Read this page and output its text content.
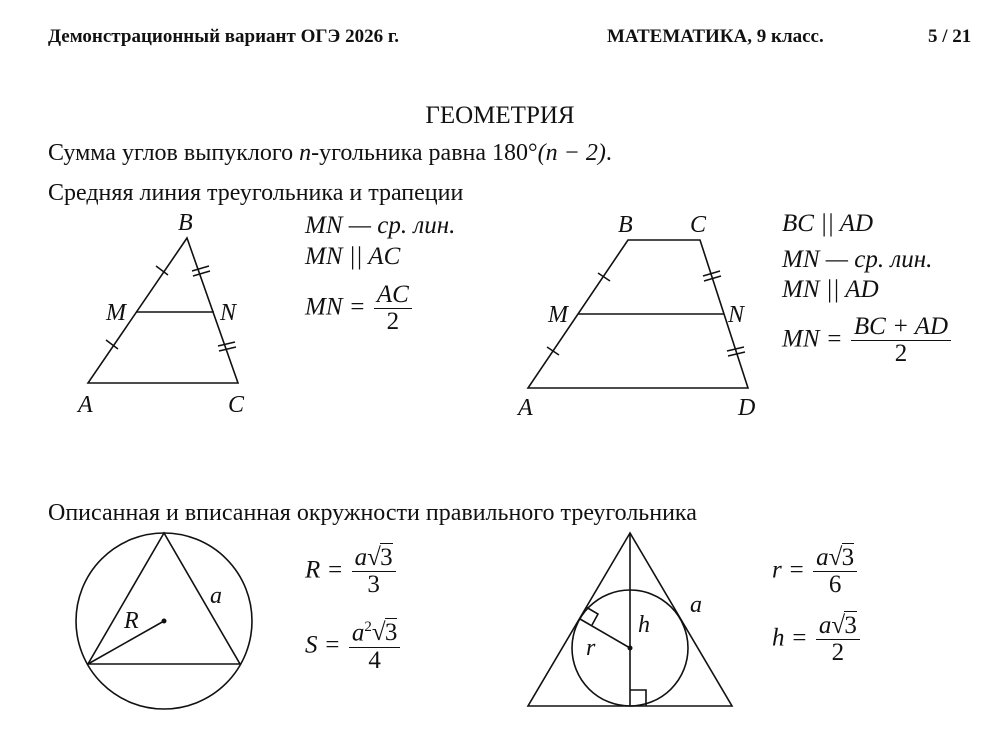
Демонстрационный вариант ОГЭ 2026 г.	МАТЕМАТИКА, 9 класс.	5 / 21
ГЕОМЕТРИЯ
Сумма углов выпуклого n-угольника равна 180°(n − 2).
Средняя линия треугольника и трапеции
B
M	N
A	C
MN — ср. лин.
MN || AC
MN = $\frac{AC}{2}$
B C
M	N
A	D
BC || AD
MN — ср. лин.
MN || AD
MN = $\frac{BC + AD}{2}$
Описанная и вписанная окружности правильного треугольника
R
a
$R = \frac{a √ 3}{3}$
$S = \frac{a^2 √ 3}{4}$	r
h
a
$r = \frac{a √ 3}{6}$
$h = \frac{a √ 3}{2}$
